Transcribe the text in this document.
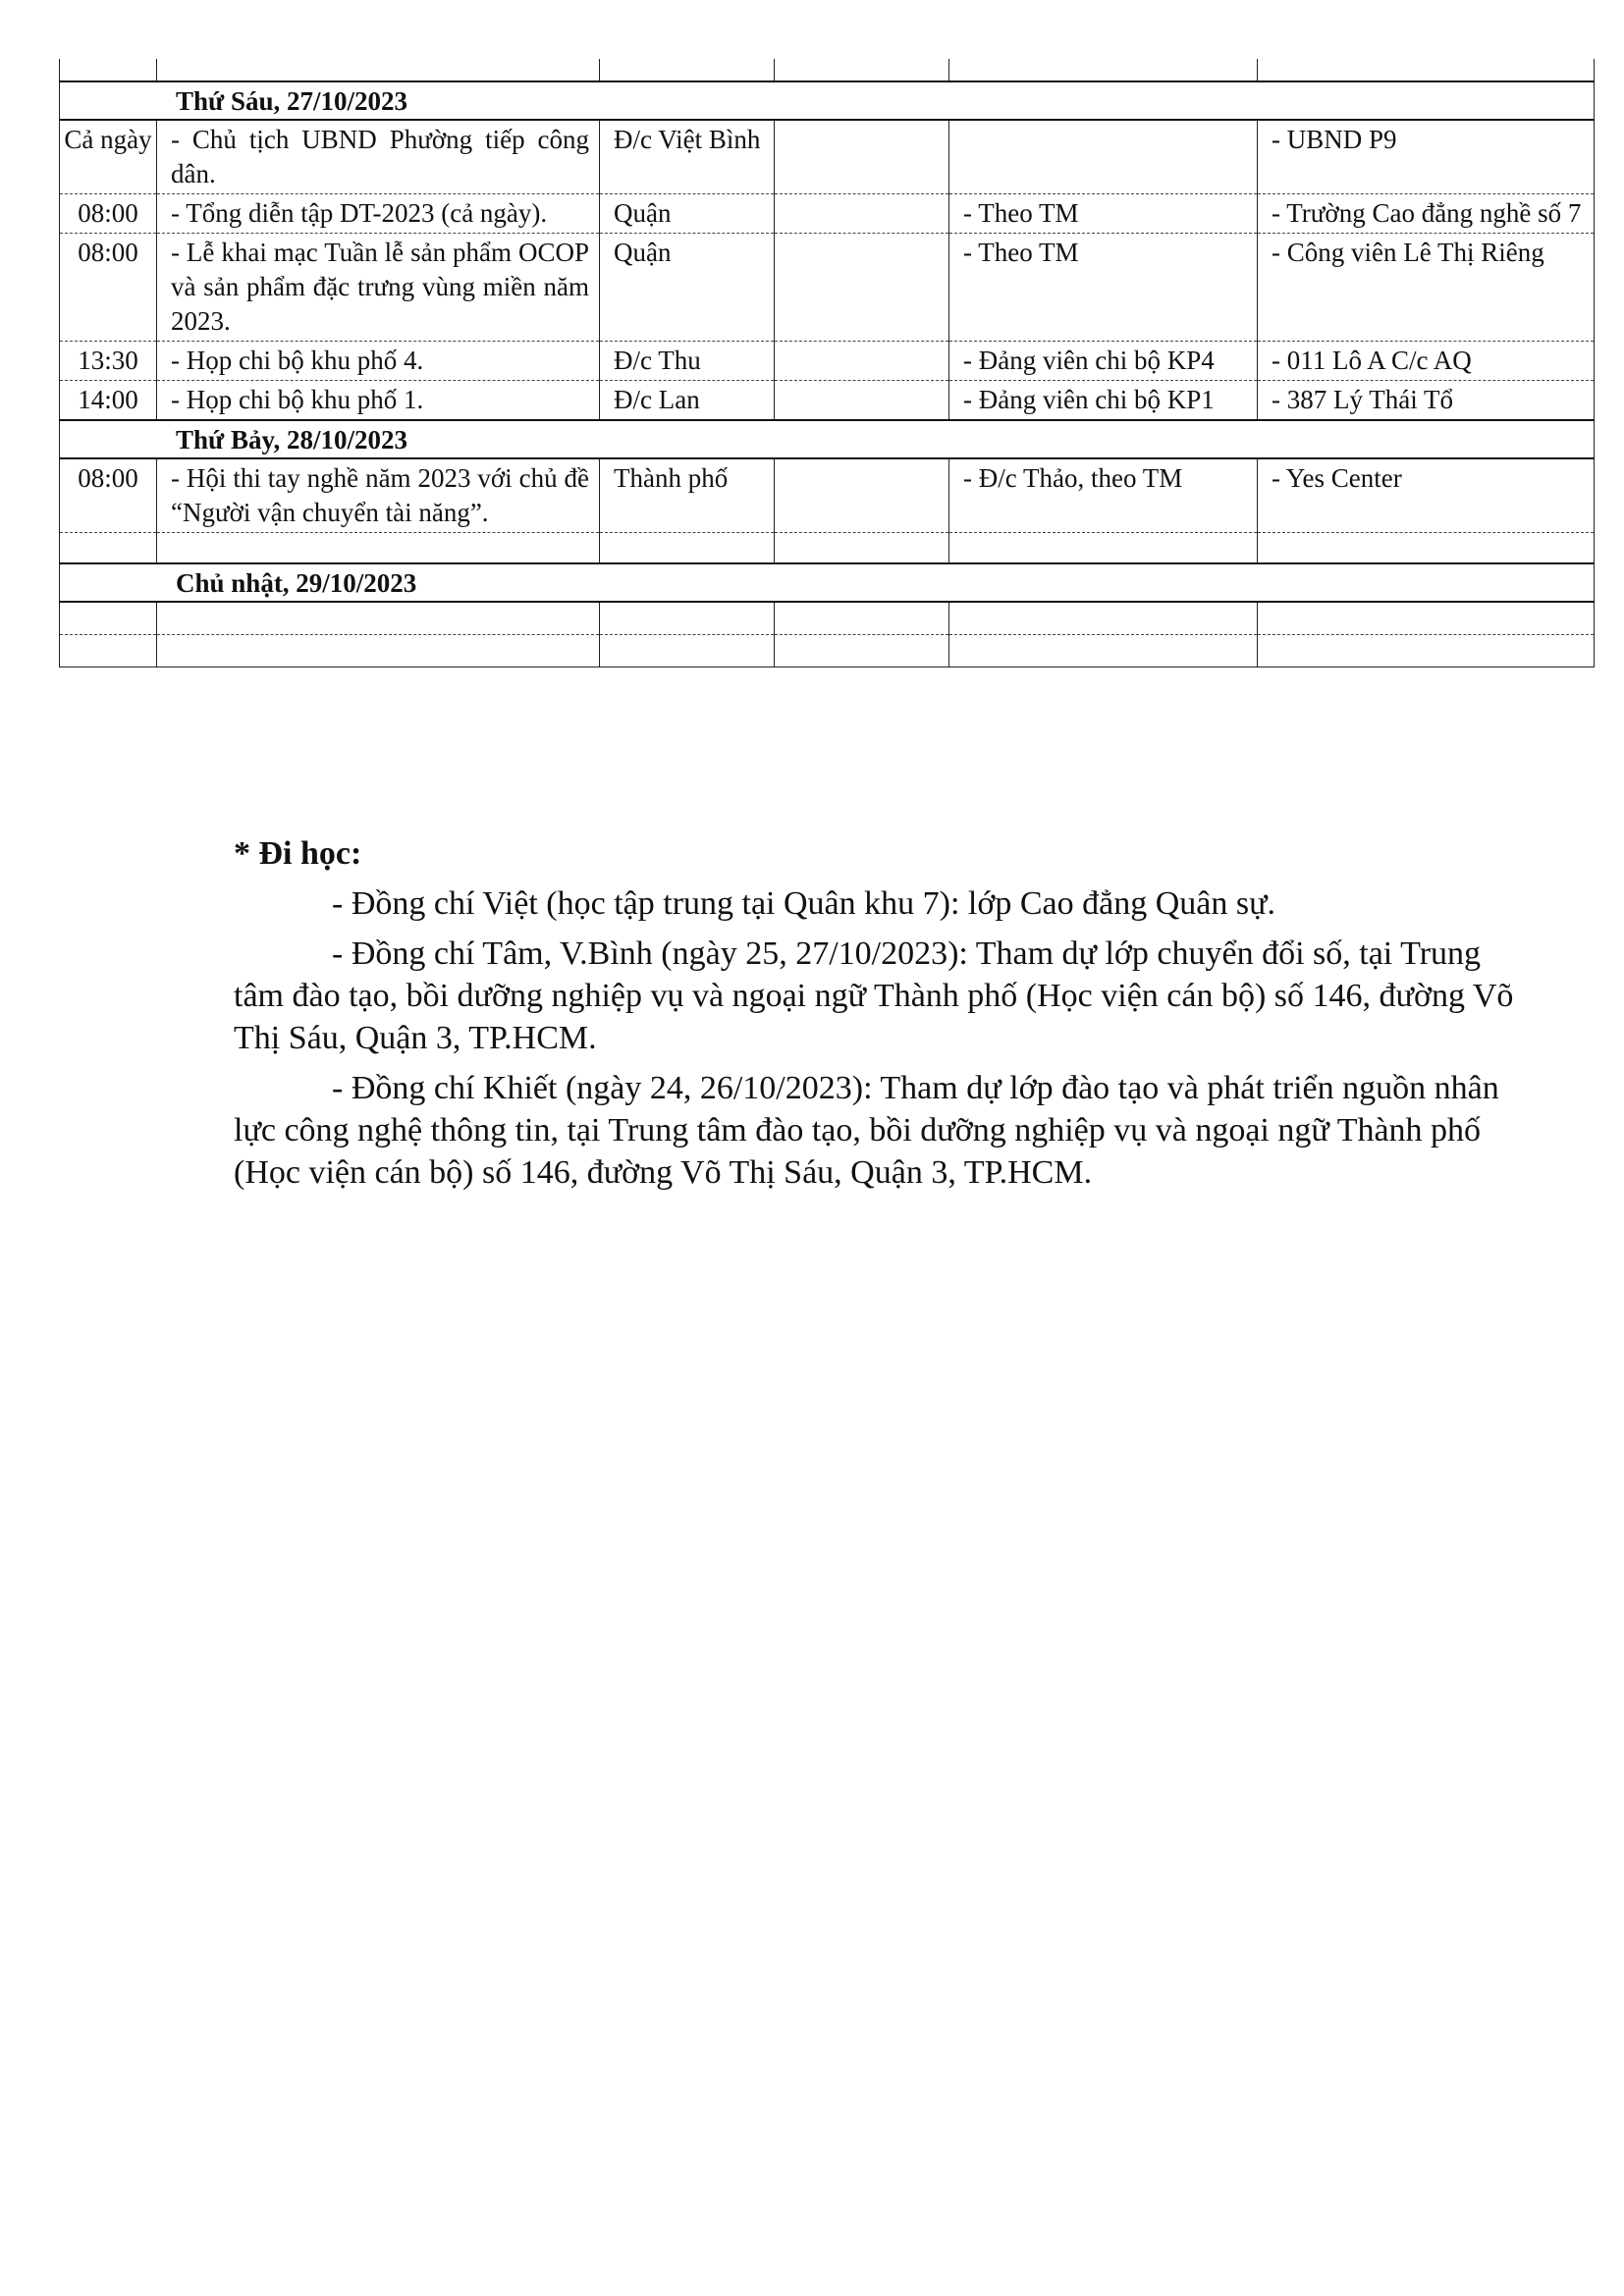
Thứ Sáu, 27/10/2023					
Cả ngày	- Chủ tịch UBND Phường tiếp công dân.	Đ/c Việt Bình			- UBND P9
08:00	- Tổng diễn tập DT-2023 (cả ngày).	Quận		- Theo TM	- Trường Cao đẳng nghề số 7
08:00	- Lễ khai mạc Tuần lễ sản phẩm OCOP và sản phẩm đặc trưng vùng miền năm 2023.	Quận		- Theo TM	- Công viên Lê Thị Riêng
13:30	- Họp chi bộ khu phố 4.	Đ/c Thu		- Đảng viên chi bộ KP4	- 011 Lô A C/c AQ
14:00	- Họp chi bộ khu phố 1.	Đ/c Lan		- Đảng viên chi bộ KP1	- 387 Lý Thái Tổ
Thứ Bảy, 28/10/2023					
08:00	- Hội thi tay nghề năm 2023 với chủ đề “Người vận chuyển tài năng”.	Thành phố		- Đ/c Thảo, theo TM	- Yes Center

Chủ nhật, 29/10/2023					

* Đi học:

- Đồng chí Việt (học tập trung tại Quân khu 7): lớp Cao đẳng Quân sự.

- Đồng chí Tâm, V.Bình (ngày 25, 27/10/2023): Tham dự lớp chuyển đổi số, tại Trung tâm đào tạo, bồi dưỡng nghiệp vụ và ngoại ngữ Thành phố (Học viện cán bộ) số 146, đường Võ Thị Sáu, Quận 3, TP.HCM.

- Đồng chí Khiết (ngày 24, 26/10/2023): Tham dự lớp đào tạo và phát triển nguồn nhân lực công nghệ thông tin, tại Trung tâm đào tạo, bồi dưỡng nghiệp vụ và ngoại ngữ Thành phố (Học viện cán bộ) số 146, đường Võ Thị Sáu, Quận 3, TP.HCM.
